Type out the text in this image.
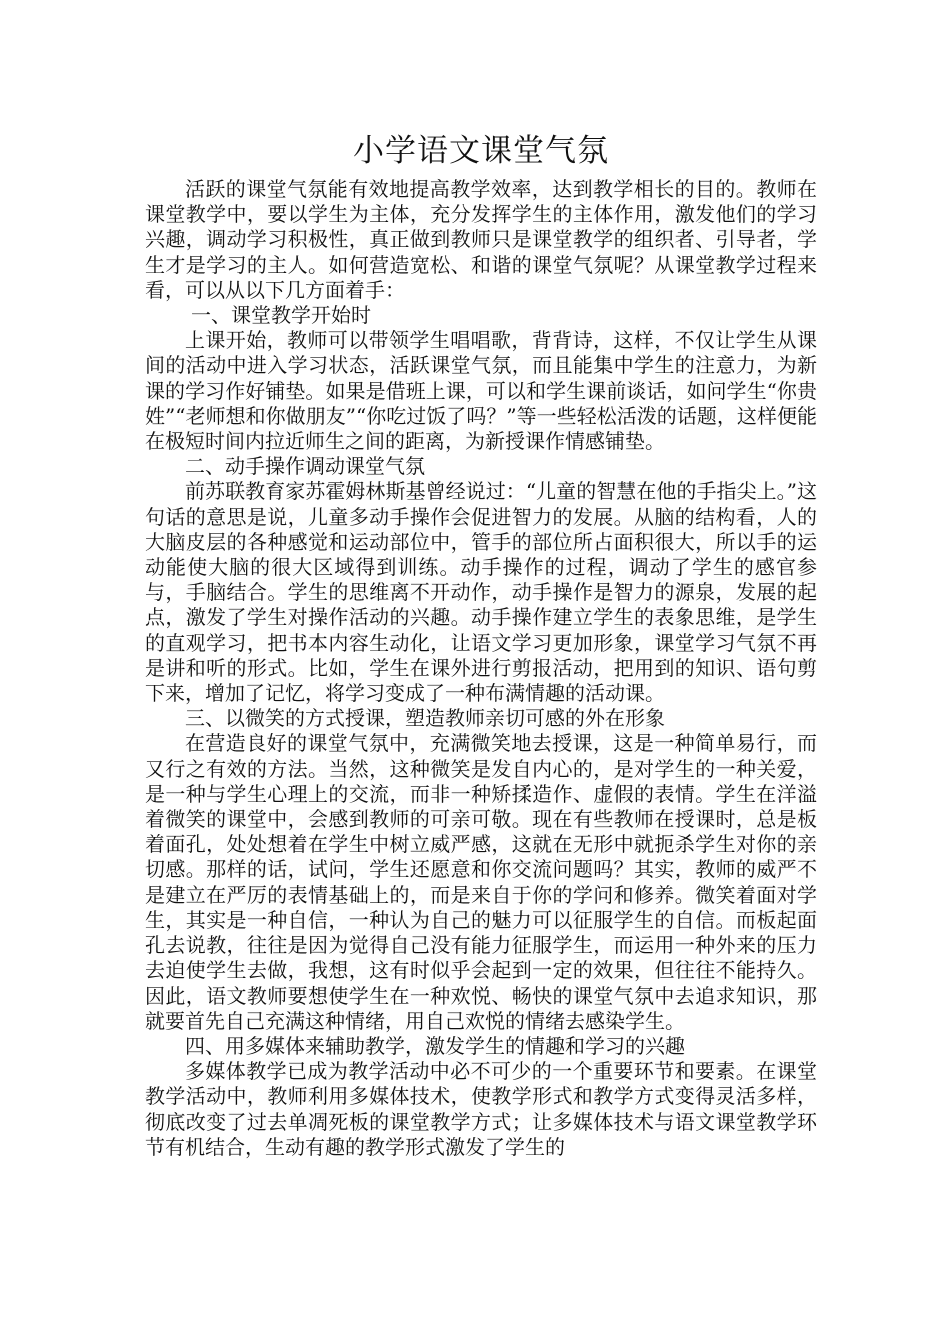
小学语文课堂气氛

活跃的课堂气氛能有效地提高教学效率，达到教学相长的目的。教师在课堂教学中，要以学生为主体，充分发挥学生的主体作用，激发他们的学习兴趣，调动学习积极性，真正做到教师只是课堂教学的组织者、引导者，学生才是学习的主人。如何营造宽松、和谐的课堂气氛呢？从课堂教学过程来看，可以从以下几方面着手：

一、课堂教学开始时

上课开始，教师可以带领学生唱唱歌，背背诗，这样，不仅让学生从课间的活动中进入学习状态，活跃课堂气氛，而且能集中学生的注意力，为新课的学习作好铺垫。如果是借班上课，可以和学生课前谈话，如问学生“你贵姓”“老师想和你做朋友”“你吃过饭了吗？”等一些轻松活泼的话题，这样便能在极短时间内拉近师生之间的距离，为新授课作情感铺垫。

二、动手操作调动课堂气氛

前苏联教育家苏霍姆林斯基曾经说过：“儿童的智慧在他的手指尖上。”这句话的意思是说，儿童多动手操作会促进智力的发展。从脑的结构看，人的大脑皮层的各种感觉和运动部位中，管手的部位所占面积很大，所以手的运动能使大脑的很大区域得到训练。动手操作的过程，调动了学生的感官参与，手脑结合。学生的思维离不开动作，动手操作是智力的源泉，发展的起点，激发了学生对操作活动的兴趣。动手操作建立学生的表象思维，是学生的直观学习，把书本内容生动化，让语文学习更加形象，课堂学习气氛不再是讲和听的形式。比如，学生在课外进行剪报活动，把用到的知识、语句剪下来，增加了记忆，将学习变成了一种布满情趣的活动课。

三、以微笑的方式授课，塑造教师亲切可感的外在形象

在营造良好的课堂气氛中，充满微笑地去授课，这是一种简单易行，而又行之有效的方法。当然，这种微笑是发自内心的，是对学生的一种关爱，是一种与学生心理上的交流，而非一种矫揉造作、虚假的表情。学生在洋溢着微笑的课堂中，会感到教师的可亲可敬。现在有些教师在授课时，总是板着面孔，处处想着在学生中树立威严感，这就在无形中就扼杀学生对你的亲切感。那样的话，试问，学生还愿意和你交流问题吗？其实，教师的威严不是建立在严厉的表情基础上的，而是来自于你的学问和修养。微笑着面对学生，其实是一种自信，一种认为自己的魅力可以征服学生的自信。而板起面孔去说教，往往是因为觉得自己没有能力征服学生，而运用一种外来的压力去迫使学生去做，我想，这有时似乎会起到一定的效果，但往往不能持久。因此，语文教师要想使学生在一种欢悦、畅快的课堂气氛中去追求知识，那就要首先自己充满这种情绪，用自己欢悦的情绪去感染学生。

四、用多媒体来辅助教学，激发学生的情趣和学习的兴趣

多媒体教学已成为教学活动中必不可少的一个重要环节和要素。在课堂教学活动中，教师利用多媒体技术，使教学形式和教学方式变得灵活多样，彻底改变了过去单凋死板的课堂教学方式；让多媒体技术与语文课堂教学环节有机结合，生动有趣的教学形式激发了学生的
